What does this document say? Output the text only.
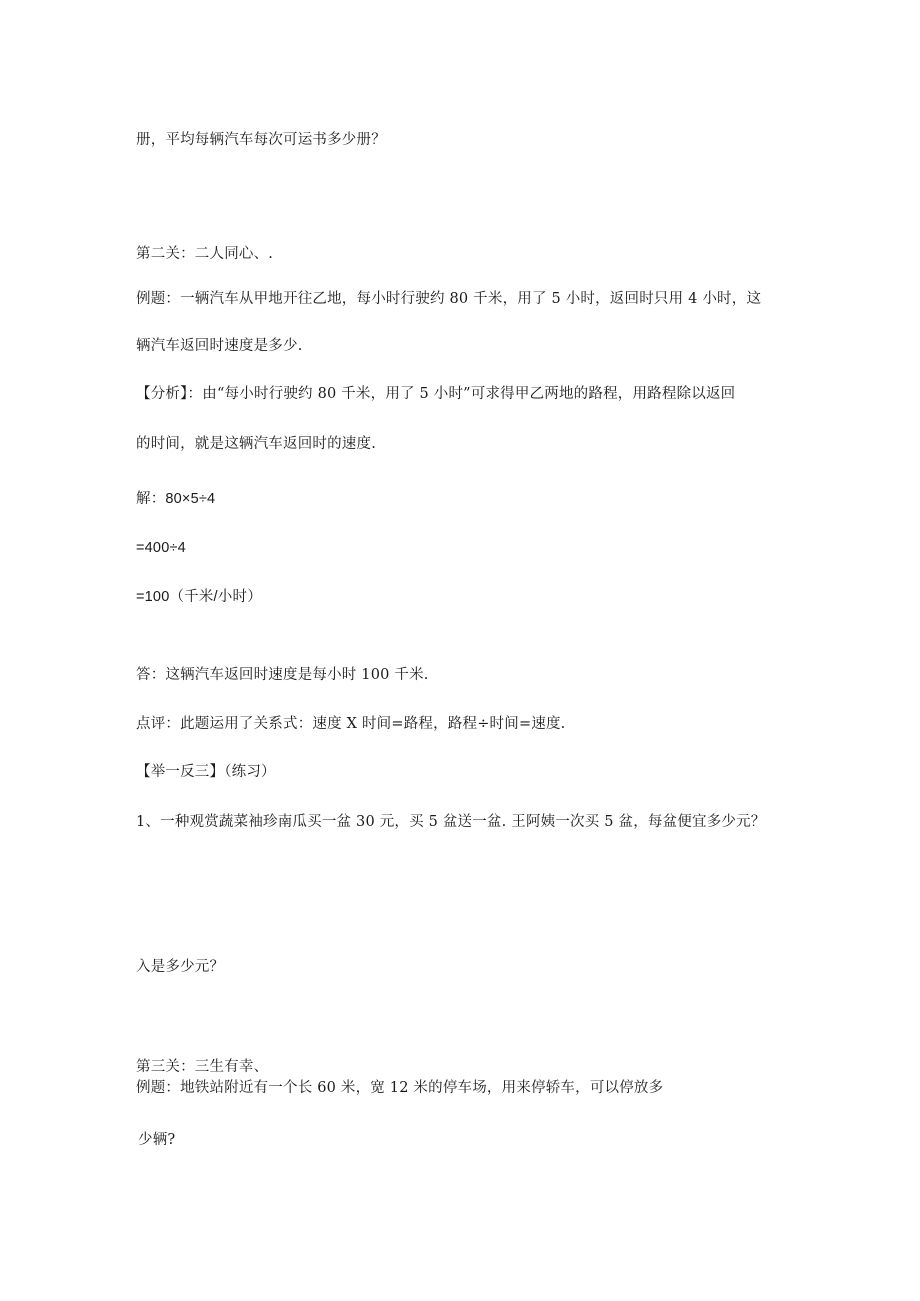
册，平均每辆汽车每次可运书多少册？
第二关：二人同心、.
例题：一辆汽车从甲地开往乙地，每小时行驶约 80 千米，用了 5 小时，返回时只用 4 小时，这
辆汽车返回时速度是多少.
【分析】：由“每小时行驶约 80 千米，用了 5 小时”可求得甲乙两地的路程，用路程除以返回
的时间，就是这辆汽车返回时的速度.
解：80×5÷4
=400÷4
=100（千米/小时）
答：这辆汽车返回时速度是每小时 100 千米.
点评：此题运用了关系式：速度 X 时间=路程，路程÷时间=速度.
【举一反三】（练习）
1、一种观赏蔬菜袖珍南瓜买一盆 30 元，买 5 盆送一盆. 王阿姨一次买 5 盆，每盆便宜多少元？
入是多少元？
第三关：三生有幸、
例题：地铁站附近有一个长 60 米，宽 12 米的停车场，用来停轿车，可以停放多
少辆?
